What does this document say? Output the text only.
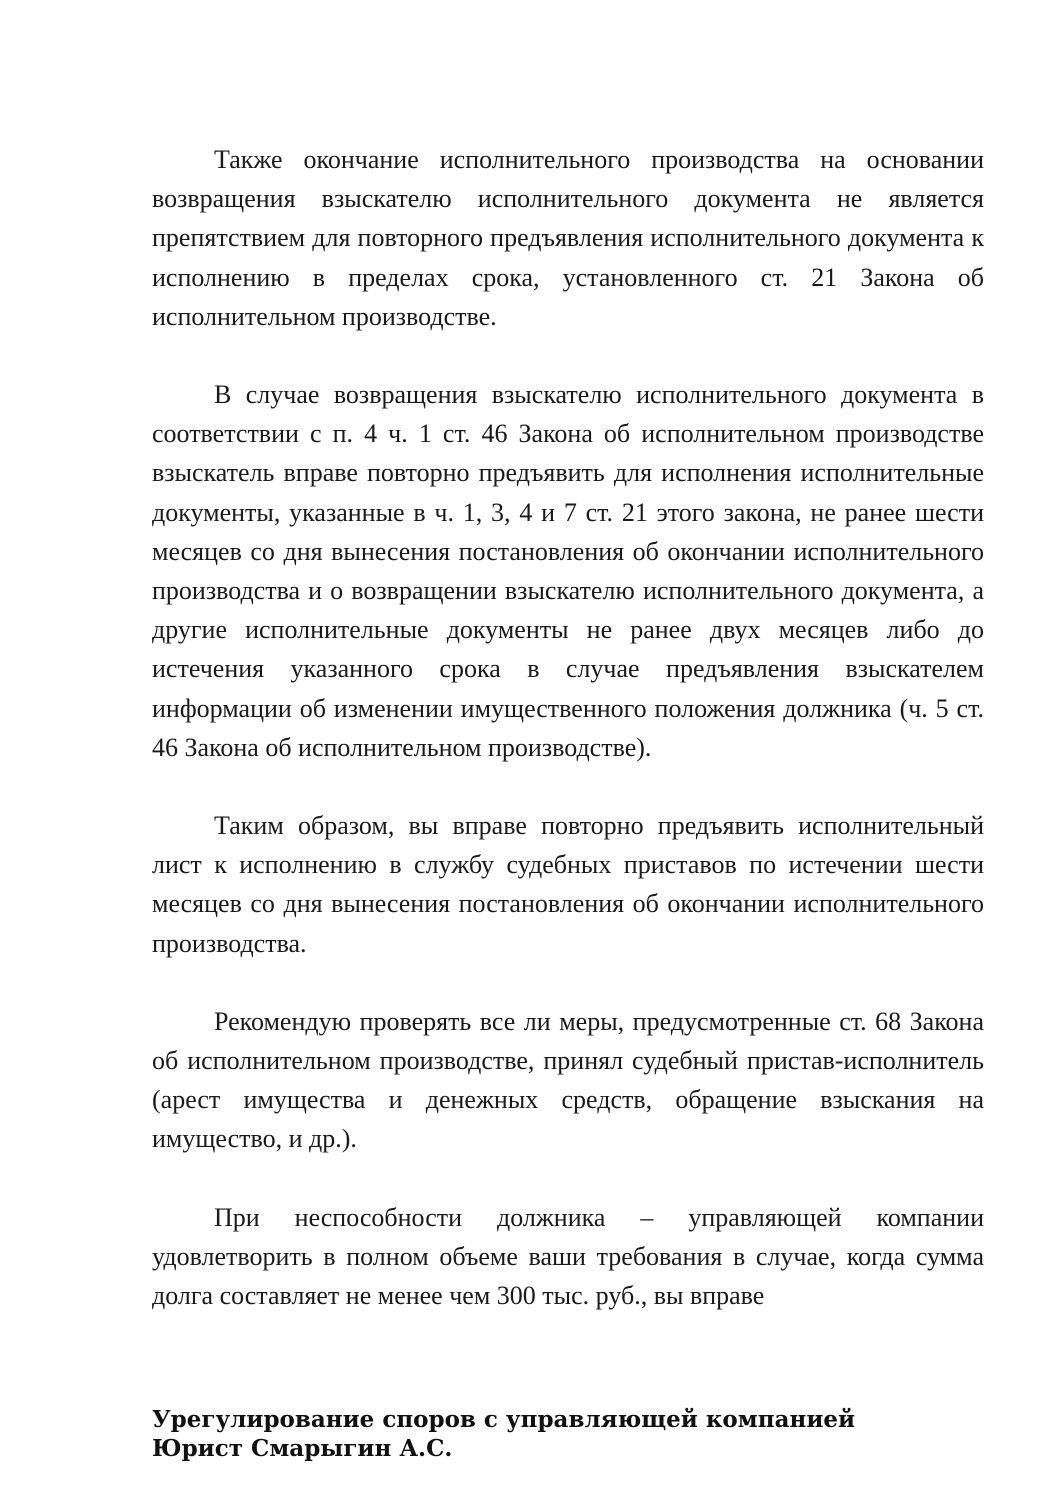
Также окончание исполнительного производства на основании возвращения взыскателю исполнительного документа не является препятствием для повторного предъявления исполнительного документа к исполнению в пределах срока, установленного ст. 21 Закона об исполнительном производстве.

В случае возвращения взыскателю исполнительного документа в соответствии с п. 4 ч. 1 ст. 46 Закона об исполнительном производстве взыскатель вправе повторно предъявить для исполнения исполнительные документы, указанные в ч. 1, 3, 4 и 7 ст. 21 этого закона, не ранее шести месяцев со дня вынесения постановления об окончании исполнительного производства и о возвращении взыскателю исполнительного документа, а другие исполнительные документы не ранее двух месяцев либо до истечения указанного срока в случае предъявления взыскателем информации об изменении имущественного положения должника (ч. 5 ст. 46 Закона об исполнительном производстве).

Таким образом, вы вправе повторно предъявить исполнительный лист к исполнению в службу судебных приставов по истечении шести месяцев со дня вынесения постановления об окончании исполнительного производства.

Рекомендую проверять все ли меры, предусмотренные ст. 68 Закона об исполнительном производстве, принял судебный пристав-исполнитель (арест имущества и денежных средств, обращение взыскания на имущество, и др.).

При неспособности должника – управляющей компании удовлетворить в полном объеме ваши требования в случае, когда сумма долга составляет не менее чем 300 тыс. руб., вы вправе

Урегулирование споров с управляющей компанией
Юрист Смарыгин А.С.
